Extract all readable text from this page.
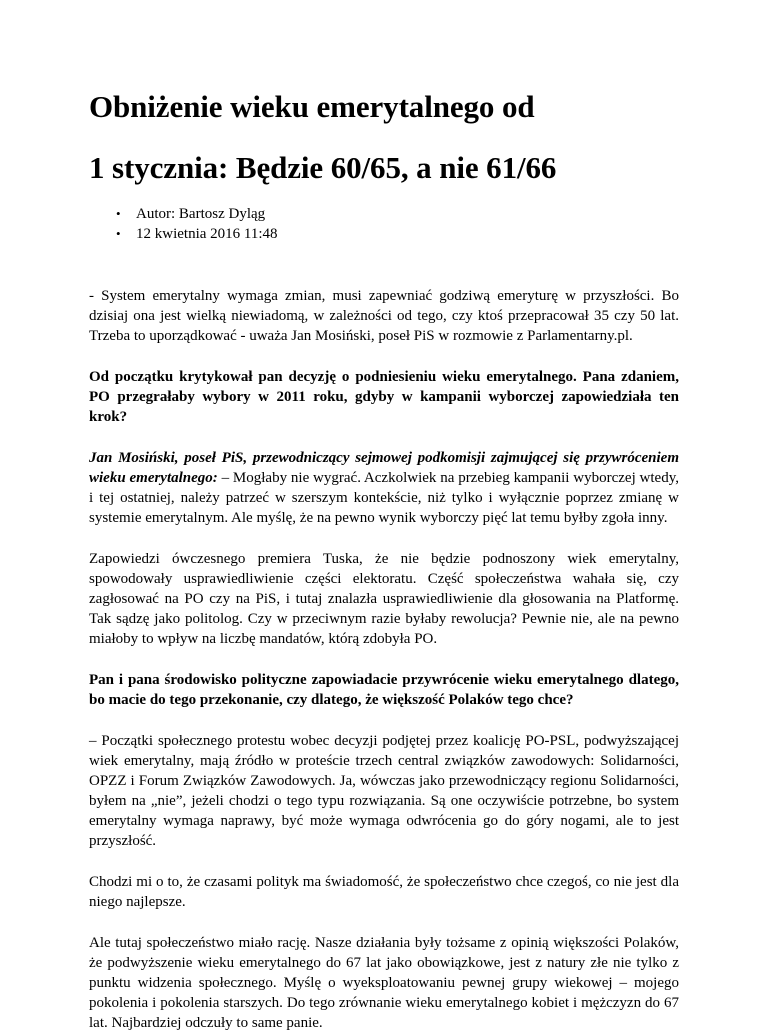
Obniżenie wieku emerytalnego od
1 stycznia: Będzie 60/65, a nie 61/66
• Autor: Bartosz Dyląg
• 12 kwietnia 2016 11:48

- System emerytalny wymaga zmian, musi zapewniać godziwą emeryturę w przyszłości. Bo dzisiaj ona jest wielką niewiadomą, w zależności od tego, czy ktoś przepracował 35 czy 50 lat. Trzeba to uporządkować - uważa Jan Mosiński, poseł PiS w rozmowie z Parlamentarny.pl.

Od początku krytykował pan decyzję o podniesieniu wieku emerytalnego. Pana zdaniem, PO przegrałaby wybory w 2011 roku, gdyby w kampanii wyborczej zapowiedziała ten krok?

Jan Mosiński, poseł PiS, przewodniczący sejmowej podkomisji zajmującej się przywróceniem wieku emerytalnego: – Mogłaby nie wygrać. Aczkolwiek na przebieg kampanii wyborczej wtedy, i tej ostatniej, należy patrzeć w szerszym kontekście, niż tylko i wyłącznie poprzez zmianę w systemie emerytalnym. Ale myślę, że na pewno wynik wyborczy pięć lat temu byłby zgoła inny.

Zapowiedzi ówczesnego premiera Tuska, że nie będzie podnoszony wiek emerytalny, spowodowały usprawiedliwienie części elektoratu. Część społeczeństwa wahała się, czy zagłosować na PO czy na PiS, i tutaj znalazła usprawiedliwienie dla głosowania na Platformę. Tak sądzę jako politolog. Czy w przeciwnym razie byłaby rewolucja? Pewnie nie, ale na pewno miałoby to wpływ na liczbę mandatów, którą zdobyła PO.

Pan i pana środowisko polityczne zapowiadacie przywrócenie wieku emerytalnego dlatego, bo macie do tego przekonanie, czy dlatego, że większość Polaków tego chce?

– Początki społecznego protestu wobec decyzji podjętej przez koalicję PO-PSL, podwyższającej wiek emerytalny, mają źródło w proteście trzech central związków zawodowych: Solidarności, OPZZ i Forum Związków Zawodowych. Ja, wówczas jako przewodniczący regionu Solidarności, byłem na „nie”, jeżeli chodzi o tego typu rozwiązania. Są one oczywiście potrzebne, bo system emerytalny wymaga naprawy, być może wymaga odwrócenia go do góry nogami, ale to jest przyszłość.

Chodzi mi o to, że czasami polityk ma świadomość, że społeczeństwo chce czegoś, co nie jest dla niego najlepsze.

Ale tutaj społeczeństwo miało rację. Nasze działania były tożsame z opinią większości Polaków, że podwyższenie wieku emerytalnego do 67 lat jako obowiązkowe, jest z natury złe nie tylko z punktu widzenia społecznego. Myślę o wyeksploatowaniu pewnej grupy wiekowej – mojego pokolenia i pokolenia starszych. Do tego zrównanie wieku emerytalnego kobiet i mężczyzn do 67 lat. Najbardziej odczuły to same panie.
